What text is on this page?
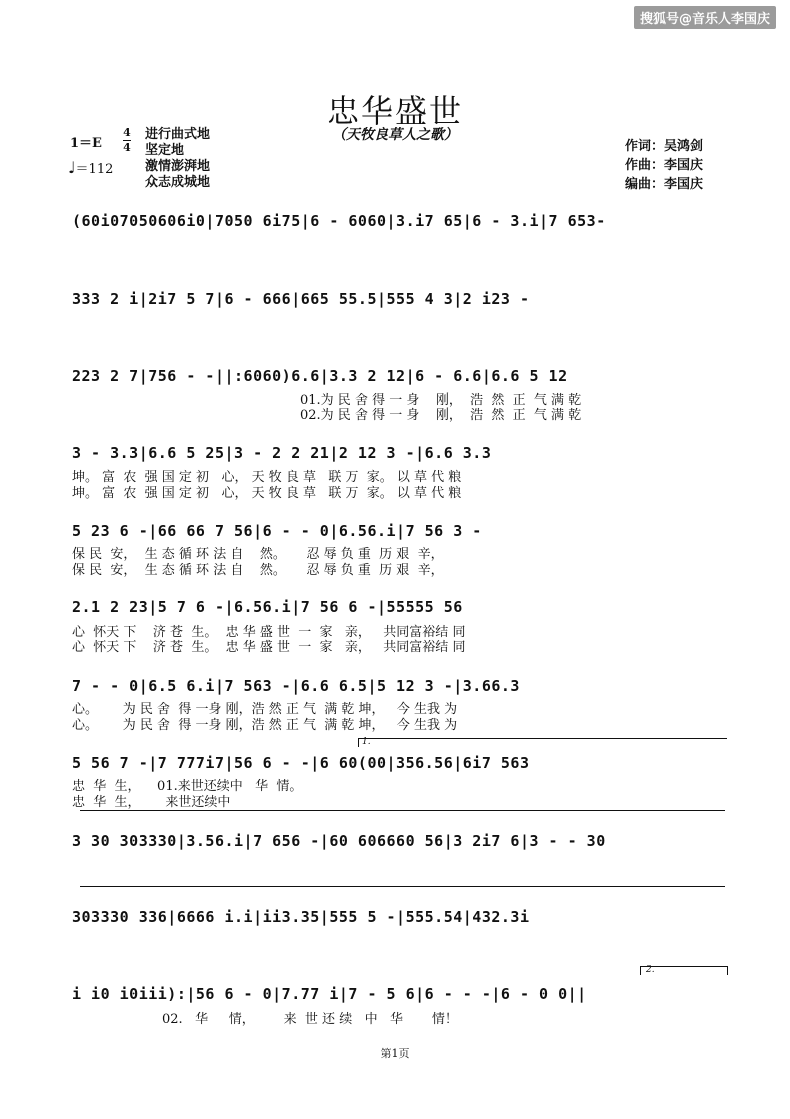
搜狐号@音乐人李国庆
忠华盛世
（天牧良草人之歌）
1＝E
4
4
♩＝112
进行曲式地
坚定地
激情澎湃地
众志成城地
作词：吴鸿剑
作曲：李国庆
编曲：李国庆
(60i07050606i0|7050 6i75|6 - 6060|3.i7 65|6 - 3.i|7 653-
333 2 i|2i7 5 7|6 - 666|665 55.5|555 4 3|2 i23 -
223 2 7|756 - -||:6060)6.6|3.3 2 12|6 - 6.6|6.6 5 12
01.为 民 舍 得 一 身    刚，  浩  然  正  气 满 乾
02.为 民 舍 得 一 身    刚，  浩  然  正  气 满 乾
3 - 3.3|6.6 5 25|3 - 2 2 21|2 12 3 -|6.6 3.3
坤。 富  农  强 国 定 初   心， 天 牧 良 草   联 万  家。 以 草 代 粮
坤。 富  农  强 国 定 初   心， 天 牧 良 草   联 万  家。 以 草 代 粮
5 23 6 -|66 66 7 56|6 - - 0|6.56.i|7 56 3 -
保 民  安，  生 态 循 环 法 自    然。     忍 辱 负 重  历 艰  辛，
保 民  安，  生 态 循 环 法 自    然。     忍 辱 负 重  历 艰  辛，
2.1 2 23|5 7 6 -|6.56.i|7 56 6 -|55555 56
心  怀天 下    济 苍  生。  忠 华 盛 世  一  家   亲，   共同富裕结 同
心  怀天 下    济 苍  生。  忠 华 盛 世  一  家   亲，   共同富裕结 同
7 - - 0|6.5 6.i|7 563 -|6.6 6.5|5 12 3 -|3.66.3
心。      为 民 舍  得 一身 刚，浩 然 正 气  满 乾 坤，   今 生我 为
心。      为 民 舍  得 一身 刚，浩 然 正 气  满 乾 坤，   今 生我 为
1.
5 56 7 -|7 777i7|56 6 - -|6 60(00|356.56|6i7 563
忠  华  生，    01.来世还续中   华  情。
忠  华  生，      来世还续中
3 30 303330|3.56.i|7 656 -|60 606660 56|3 2i7 6|3 - - 30
303330 336|6666 i.i|ii3.35|555 5 -|555.54|432.3i
2.
i i0 i0iii):|56 6 - 0|7.77 i|7 - 5 6|6 - - -|6 - 0 0||
02.   华     情，       来  世 还 续   中   华       情！
第1页
